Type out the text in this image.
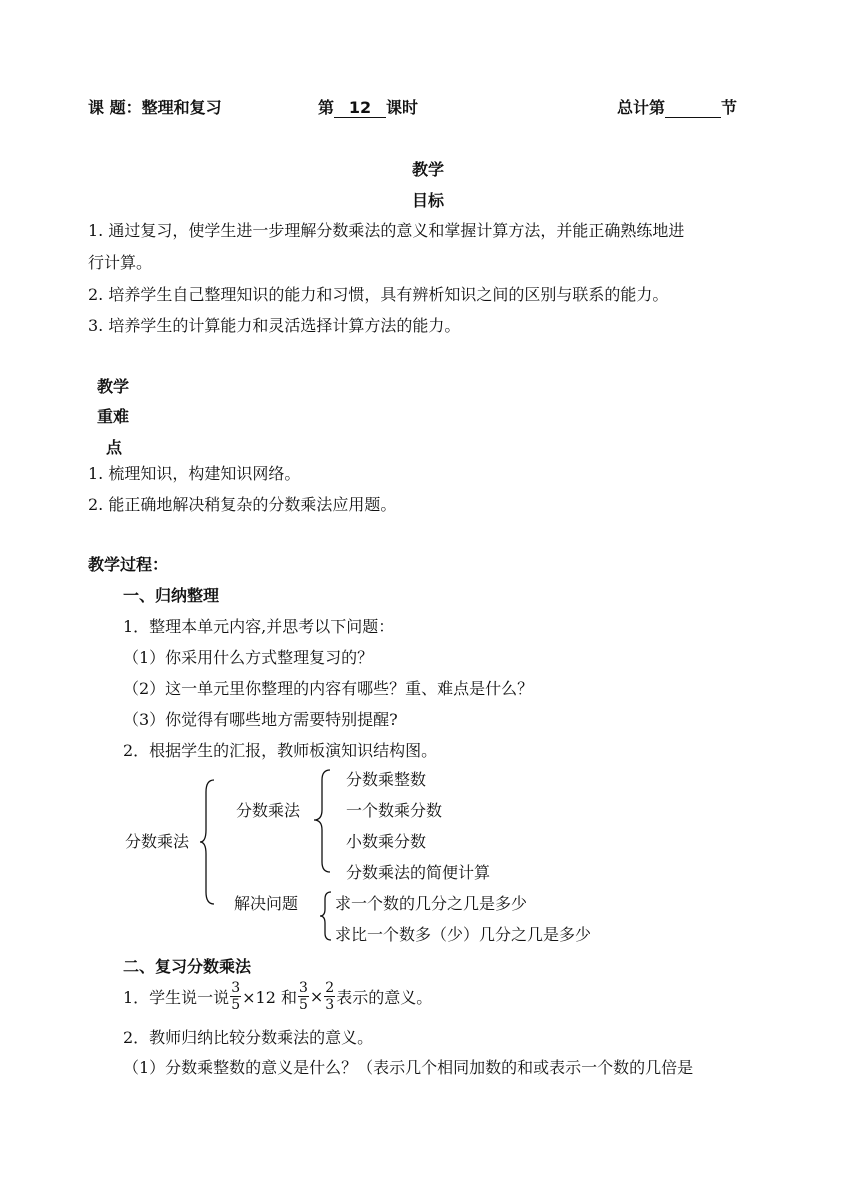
课 题：整理和复习	第 12 课时	总计第	节
教学
目标
1. 通过复习，使学生进一步理解分数乘法的意义和掌握计算方法，并能正确熟练地进
行计算。
2. 培养学生自己整理知识的能力和习惯，具有辨析知识之间的区别与联系的能力。
3. 培养学生的计算能力和灵活选择计算方法的能力。
教学
重难
点
1. 梳理知识，构建知识网络。
2. 能正确地解决稍复杂的分数乘法应用题。
教学过程：
一、归纳整理
1．整理本单元内容,并思考以下问题：
（1）你采用什么方式整理复习的？
（2）这一单元里你整理的内容有哪些？重、难点是什么？
（3）你觉得有哪些地方需要特别提醒?
2．根据学生的汇报，教师板演知识结构图。
分数乘法
分数乘法
分数乘整数
一个数乘分数
小数乘分数
分数乘法的简便计算
解决问题 求一个数的几分之几是多少
求比一个数多（少）几分之几是多少
二、复习分数乘法
1．学生说一说 $\frac{3}{5} \times 12$ 和 $\frac{3}{5} \times \frac{2}{3}$ 表示的意义。
2．教师归纳比较分数乘法的意义。
（1）分数乘整数的意义是什么？（表示几个相同加数的和或表示一个数的几倍是
